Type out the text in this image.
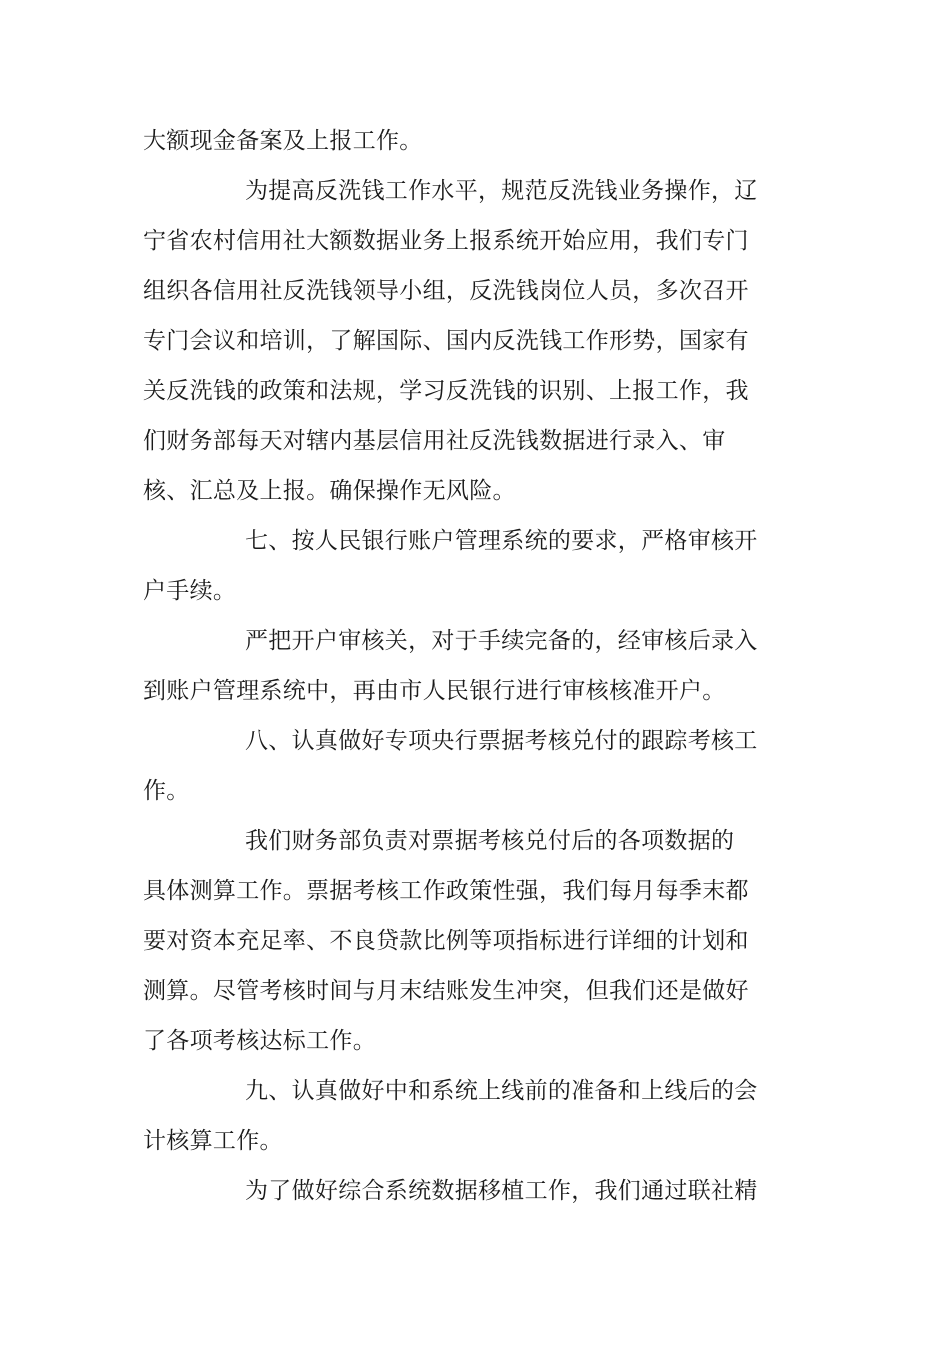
大额现金备案及上报工作。
为提高反洗钱工作水平，规范反洗钱业务操作，辽
宁省农村信用社大额数据业务上报系统开始应用，我们专门
组织各信用社反洗钱领导小组，反洗钱岗位人员，多次召开
专门会议和培训，了解国际、国内反洗钱工作形势，国家有
关反洗钱的政策和法规，学习反洗钱的识别、上报工作，我
们财务部每天对辖内基层信用社反洗钱数据进行录入、审
核、汇总及上报。确保操作无风险。
七、按人民银行账户管理系统的要求，严格审核开
户手续。
严把开户审核关，对于手续完备的，经审核后录入
到账户管理系统中，再由市人民银行进行审核核准开户。
八、认真做好专项央行票据考核兑付的跟踪考核工
作。
我们财务部负责对票据考核兑付后的各项数据的
具体测算工作。票据考核工作政策性强，我们每月每季末都
要对资本充足率、不良贷款比例等项指标进行详细的计划和
测算。尽管考核时间与月末结账发生冲突，但我们还是做好
了各项考核达标工作。
九、认真做好中和系统上线前的准备和上线后的会
计核算工作。
为了做好综合系统数据移植工作，我们通过联社精
